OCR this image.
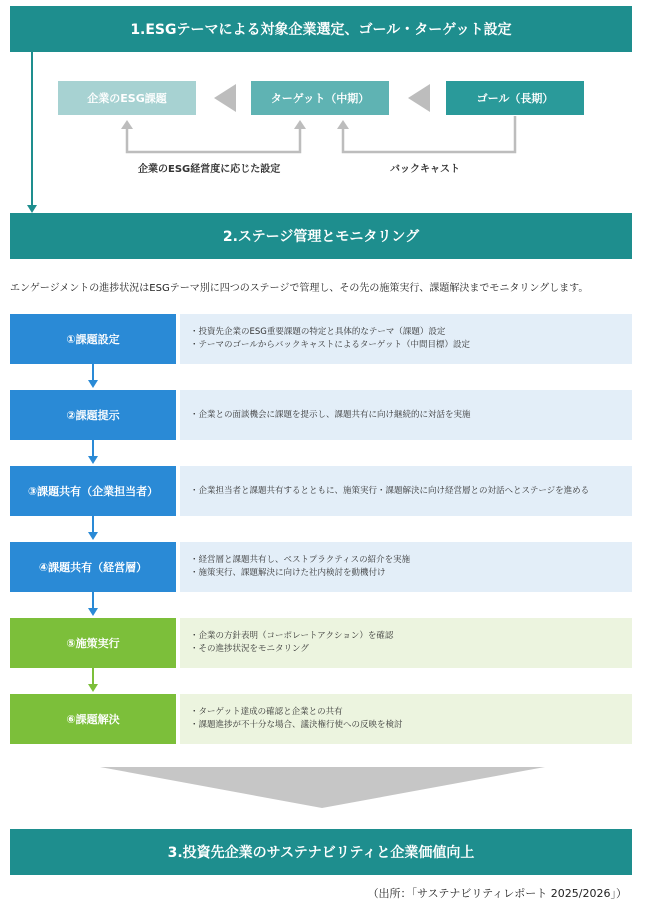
1.ESGテーマによる対象企業選定、ゴール・ターゲット設定
企業のESG課題	ターゲット（中期）	ゴール（長期）
企業のESG経営度に応じた設定	バックキャスト
2.ステージ管理とモニタリング
エンゲージメントの進捗状況はESGテーマ別に四つのステージで管理し、その先の施策実行、課題解決までモニタリングします。
①課題設定
・投資先企業のESG重要課題の特定と具体的なテーマ（課題）設定
・テーマのゴールからバックキャストによるターゲット（中間目標）設定
②課題提示	・企業との面談機会に課題を提示し、課題共有に向け継続的に対話を実施
③課題共有（企業担当者）	・企業担当者と課題共有するとともに、施策実行・課題解決に向け経営層との対話へとステージを進める
④課題共有（経営層）
・経営層と課題共有し、ベストプラクティスの紹介を実施
・施策実行、課題解決に向けた社内検討を動機付け
⑤施策実行
・企業の方針表明（コーポレートアクション）を確認
・その進捗状況をモニタリング
⑥課題解決
・ターゲット達成の確認と企業との共有
・課題進捗が不十分な場合、議決権行使への反映を検討
3.投資先企業のサステナビリティと企業価値向上
（出所：「サステナビリティレポート 2025/2026」）
